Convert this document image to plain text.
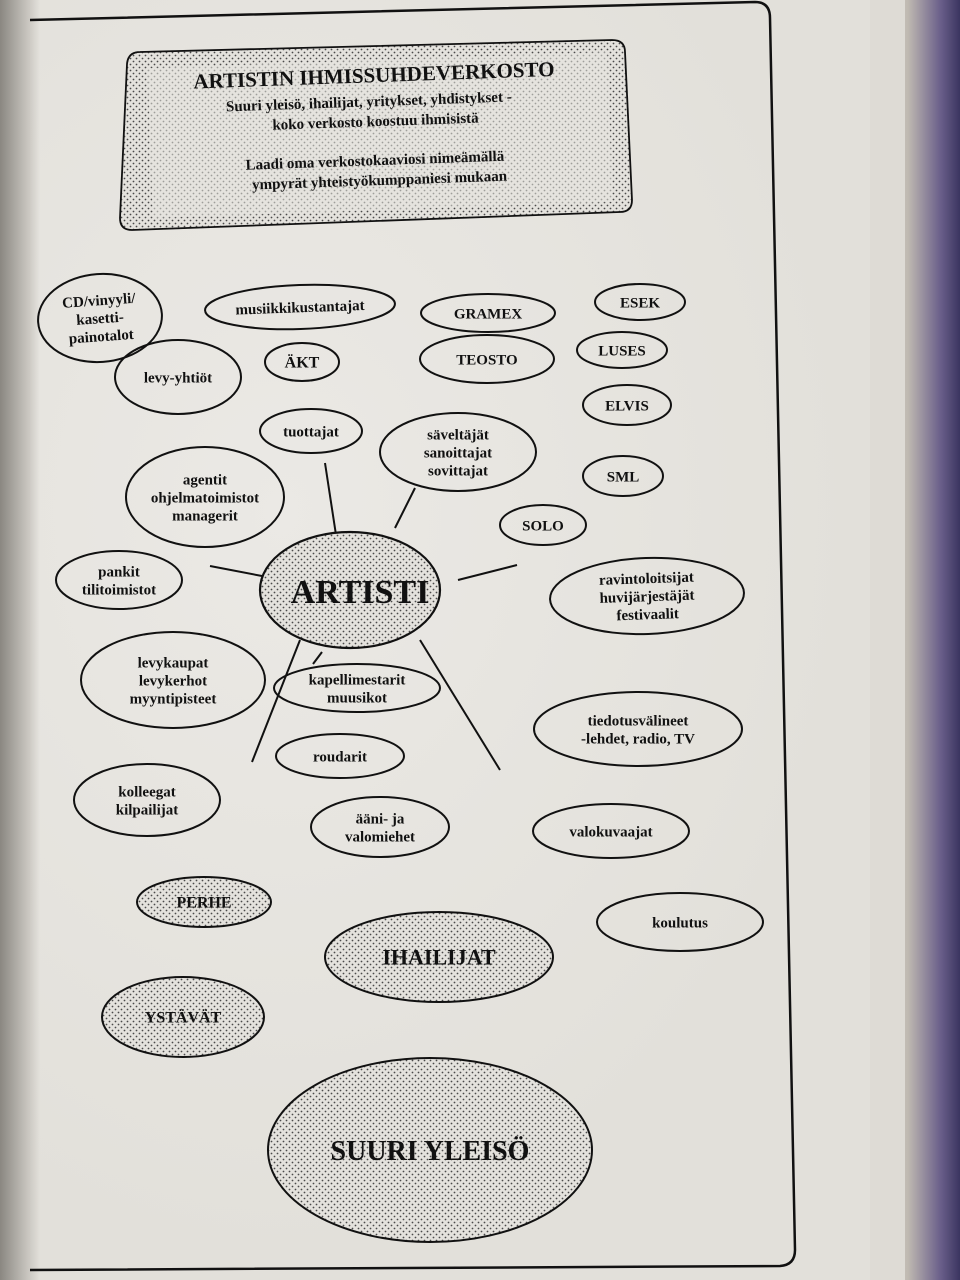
ARTISTIN IHMISSUHDEVERKOSTO
Suuri yleisö, ihailijat, yritykset, yhdistykset -
koko verkosto koostuu ihmisistä
Laadi oma verkostokaaviosi nimeämällä
ympyrät yhteistyökumppaniesi mukaan
ARTISTI
CD/vinyyli/
kasetti-
painotalot
musiikkikustantajat	GRAMEX
ESEK
levy-yhtiöt
ÄKT	TEOSTO
LUSES
ELVIS
tuottajat	säveltäjät
sanoittajat
sovittajat
agentit
ohjelmatoimistot
managerit
SML
SOLO
pankit
tilitoimistot
ravintoloitsijat
huvijärjestäjät
festivaalit
levykaupat
levykerhot
myyntipisteet
kapellimestarit
muusikot
tiedotusvälineet
-lehdet, radio, TV
roudarit
kolleegat
kilpailijat
ääni- ja
valomiehet	valokuvaajat
PERHE
koulutus
IHAILIJAT
YSTÄVÄT
SUURI YLEISÖ
